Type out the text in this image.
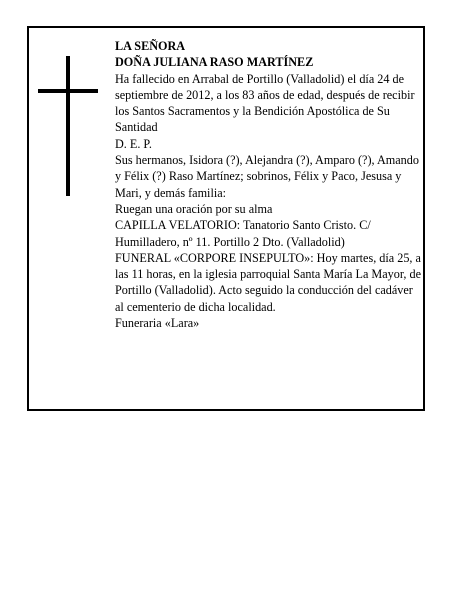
LA SEÑORA

DOÑA JULIANA RASO MARTÍNEZ

Ha fallecido en Arrabal de Portillo (Valladolid) el día 24 de septiembre de 2012, a los 83 años de edad, después de recibir los Santos Sacramentos y la Bendición Apostólica de Su Santidad

D. E. P.

Sus hermanos, Isidora (?), Alejandra (?), Amparo (?), Amando y Félix (?) Raso Martínez; sobrinos, Félix y Paco, Jesusa y Mari, y demás familia:

Ruegan una oración por su alma

CAPILLA VELATORIO: Tanatorio Santo Cristo. C/ Humilladero, nº 11. Portillo 2 Dto. (Valladolid)

FUNERAL «CORPORE INSEPULTO»: Hoy martes, día 25, a las 11 horas, en la iglesia parroquial Santa María La Mayor, de Portillo (Valladolid). Acto seguido la conducción del cadáver al cementerio de dicha localidad.

Funeraria «Lara»
